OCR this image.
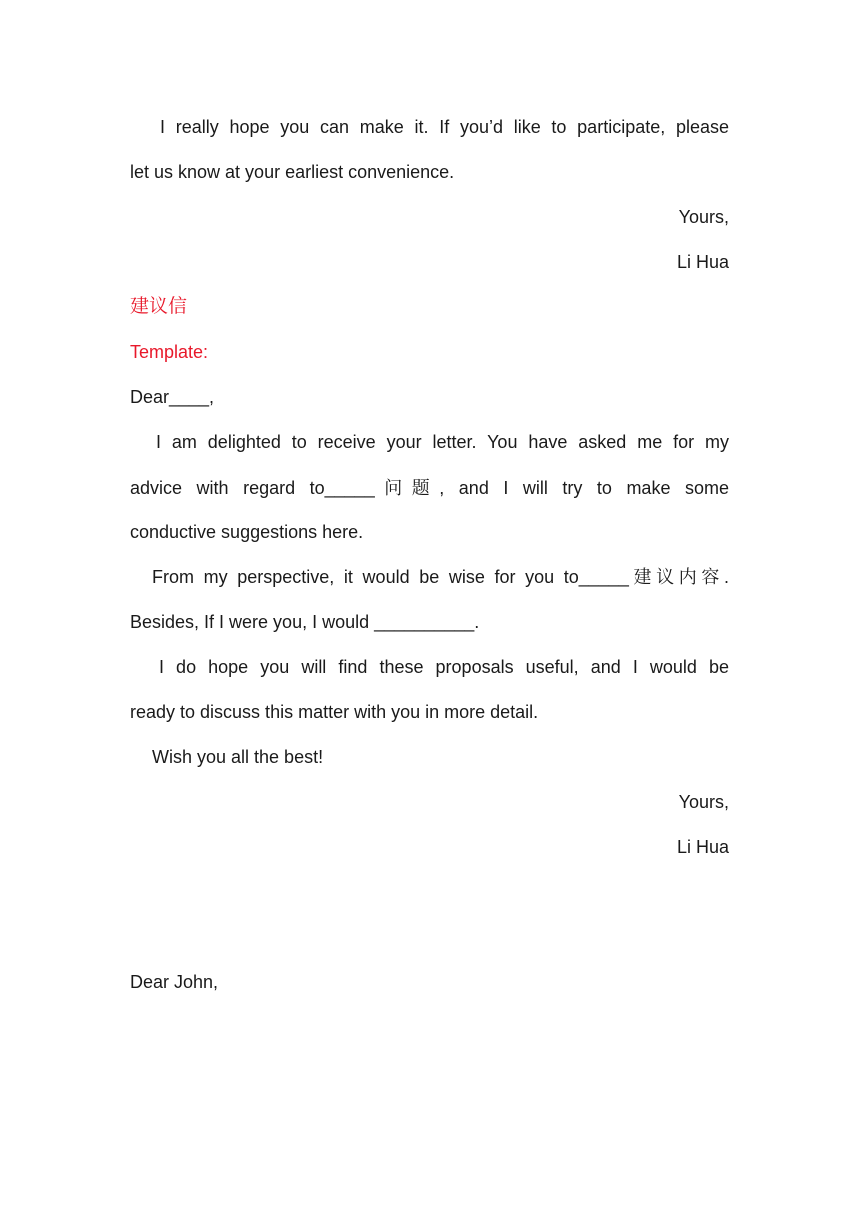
I really hope you can make it. If you’d like to participate, please
let us know at your earliest convenience.
Yours,
Li Hua
建议信
Template:
Dear____,
I am delighted to receive your letter. You have asked me for my
advice with regard to_____问题, and I will try to make some
conductive suggestions here.
From my perspective, it would be wise for you to_____建议内容.
Besides, If I were you, I would __________.
I do hope you will find these proposals useful, and I would be
ready to discuss this matter with you in more detail.
Wish you all the best!
Yours,
Li Hua
Dear John,
